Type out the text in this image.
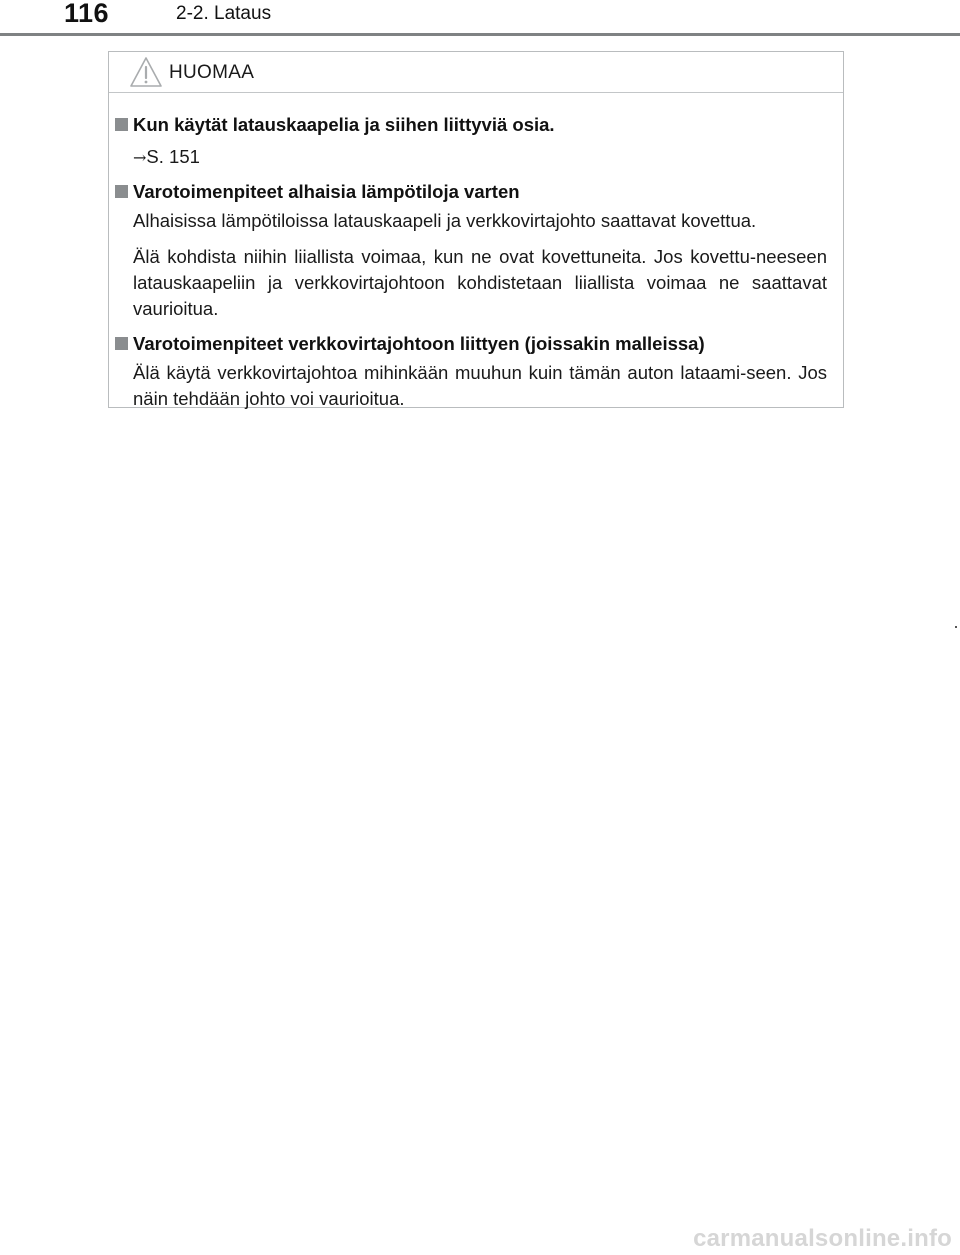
116	2-2. Lataus
HUOMAA
Kun käytät latauskaapelia ja siihen liittyviä osia.
→S. 151
Varotoimenpiteet alhaisia lämpötiloja varten
Alhaisissa lämpötiloissa latauskaapeli ja verkkovirtajohto saattavat kovettua.
Älä kohdista niihin liiallista voimaa, kun ne ovat kovettuneita. Jos kovettu-neeseen latauskaapeliin ja verkkovirtajohtoon kohdistetaan liiallista voimaa ne saattavat vaurioitua.
Varotoimenpiteet verkkovirtajohtoon liittyen (joissakin malleissa)
Älä käytä verkkovirtajohtoa mihinkään muuhun kuin tämän auton lataami-seen. Jos näin tehdään johto voi vaurioitua.
carmanualsonline.info
